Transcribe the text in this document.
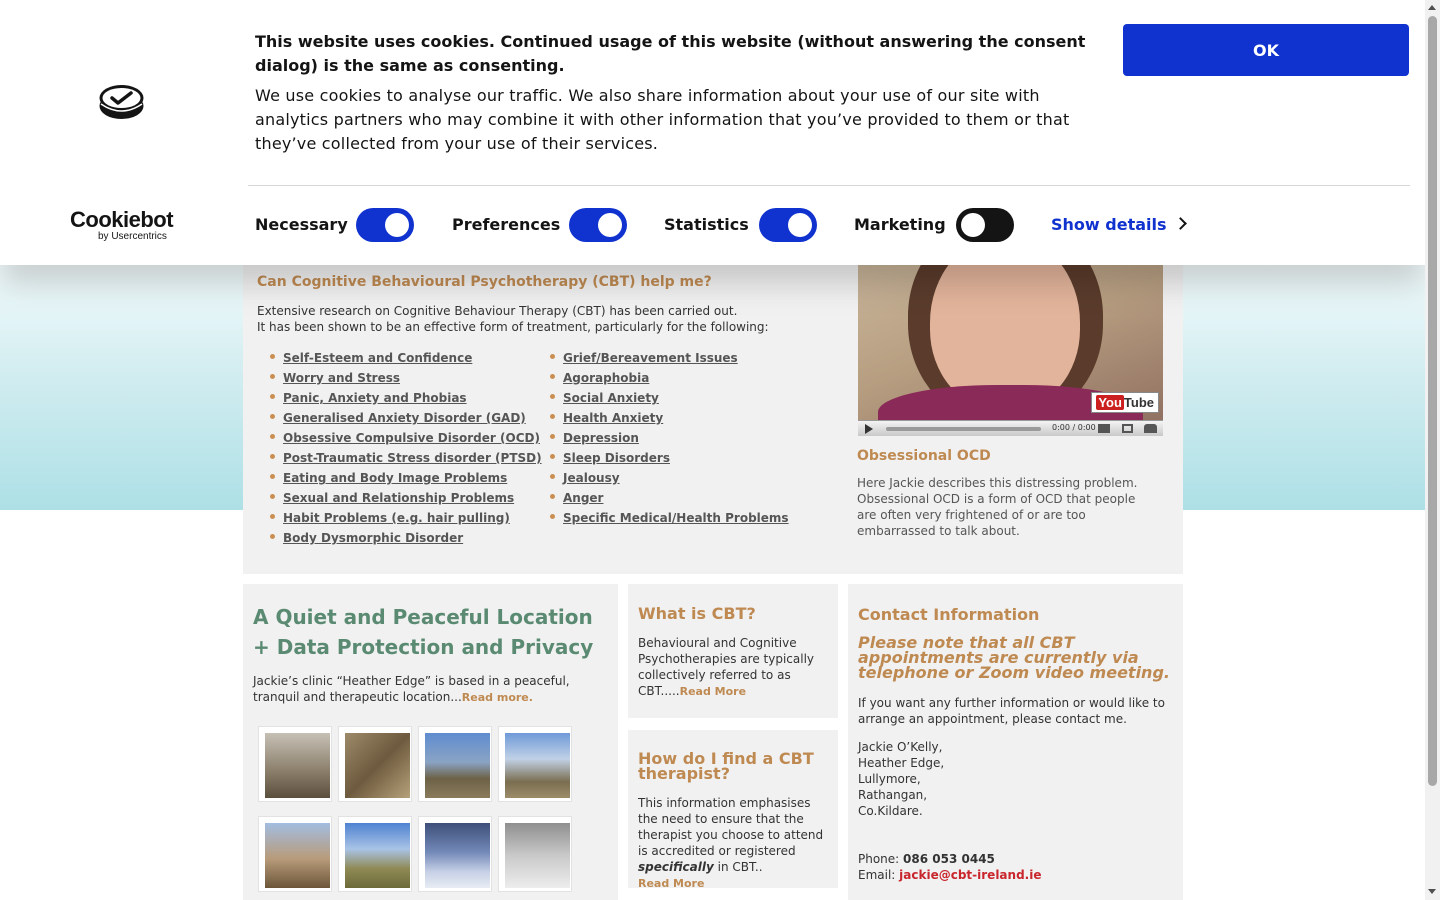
Can Cognitive Behavioural Psychotherapy (CBT) help me?
Extensive research on Cognitive Behaviour Therapy (CBT) has been carried out.
It has been shown to be an effective form of treatment, particularly for the following:
Self-Esteem and Confidence
Worry and Stress
Panic, Anxiety and Phobias
Generalised Anxiety Disorder (GAD)
Obsessive Compulsive Disorder (OCD)
Post-Traumatic Stress disorder (PTSD)
Eating and Body Image Problems
Sexual and Relationship Problems
Habit Problems (e.g. hair pulling)
Body Dysmorphic Disorder
Grief/Bereavement Issues
Agoraphobia
Social Anxiety
Health Anxiety
Depression
Sleep Disorders
Jealousy
Anger
Specific Medical/Health Problems
You Tube
0:00 / 0:00
Obsessional OCD
Here Jackie describes this distressing problem. Obsessional OCD is a form of OCD that people are often very frightened of or are too embarrassed to talk about.
A Quiet and Peaceful Location + Data Protection and Privacy
Jackie’s clinic “Heather Edge” is based in a peaceful, tranquil and therapeutic location...Read more.
What is CBT?
Behavioural and Cognitive Psychotherapies are typically collectively referred to as CBT.....Read More
How do I find a CBT therapist?
This information emphasises the need to ensure that the therapist you choose to attend is accredited or registered specifically in CBT..
Read More
Contact Information

Please note that all CBT appointments are currently via telephone or Zoom video meeting.

If you want any further information or would like to arrange an appointment, please contact me.
Jackie O’Kelly,
Heather Edge,
Lullymore,
Rathangan,
Co.Kildare.
Phone: 086 053 0445
Email: jackie@cbt-ireland.ie
Cookiebot
by Usercentrics

This website uses cookies. Continued usage of this website (without answering the consent dialog) is the same as consenting.

We use cookies to analyse our traffic. We also share information about your use of our site with analytics partners who may combine it with other information that you’ve provided to them or that they’ve collected from your use of their services.

OK
Necessary	Preferences	Statistics	Marketing	Show details
